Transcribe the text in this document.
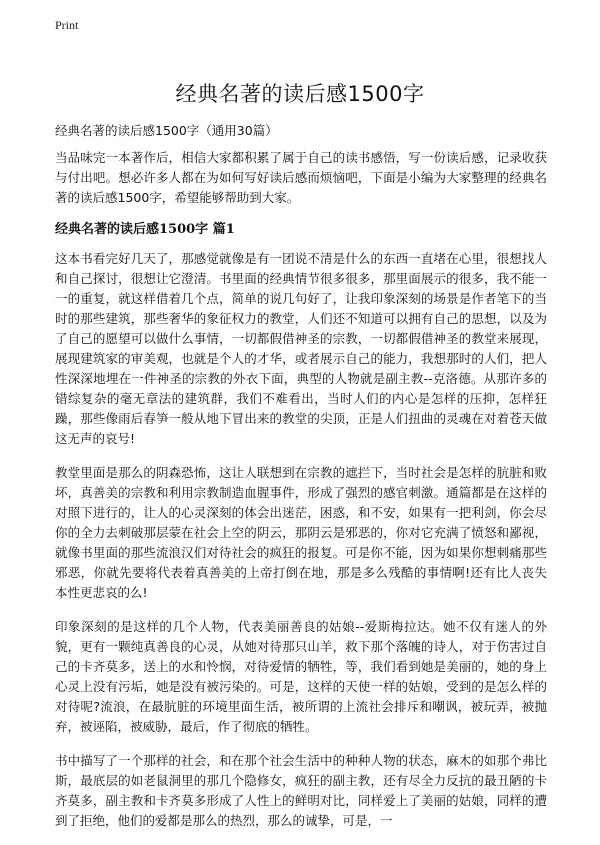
Print
经典名著的读后感1500字

经典名著的读后感1500字（通用30篇）

当品味完一本著作后，相信大家都积累了属于自己的读书感悟，写一份读后感，记录收获与付出吧。想必许多人都在为如何写好读后感而烦恼吧，下面是小编为大家整理的经典名著的读后感1500字，希望能够帮助到大家。

经典名著的读后感1500字 篇1

这本书看完好几天了，那感觉就像是有一团说不清是什么的东西一直堵在心里，很想找人和自己探讨，很想让它澄清。书里面的经典情节很多很多，那里面展示的很多，我不能一一的重复，就这样借着几个点，简单的说几句好了，让我印象深刻的场景是作者笔下的当时的那些建筑，那些奢华的象征权力的教堂，人们还不知道可以拥有自己的思想，以及为了自己的愿望可以做什么事情，一切都假借神圣的宗教，一切都假借神圣的教堂来展现，展现建筑家的审美观，也就是个人的才华，或者展示自己的能力，我想那时的人们，把人性深深地埋在一件神圣的宗教的外衣下面，典型的人物就是副主教--克洛德。从那许多的错综复杂的毫无章法的建筑群，我们不难看出，当时人们的内心是怎样的压抑，怎样狂躁，那些像雨后春笋一般从地下冒出来的教堂的尖顶，正是人们扭曲的灵魂在对着苍天做这无声的哀号!

教堂里面是那么的阴森恐怖，这让人联想到在宗教的遮拦下，当时社会是怎样的肮脏和败坏，真善美的宗教和利用宗教制造血腥事件，形成了强烈的感官刺激。通篇都是在这样的对照下进行的，让人的心灵深刻的体会出迷茫，困惑，和不安，如果有一把利剑，你会尽你的全力去刺破那层蒙在社会上空的阴云，那阴云是邪恶的，你对它充满了愤怒和鄙视，就像书里面的那些流浪汉们对待社会的疯狂的报复。可是你不能，因为如果你想刺痛那些邪恶，你就先要将代表着真善美的上帝打倒在地，那是多么残酷的事情啊!还有比人丧失本性更悲哀的么!

印象深刻的是这样的几个人物，代表美丽善良的姑娘--爱斯梅拉达。她不仅有迷人的外貌，更有一颗纯真善良的心灵，从她对待那只山羊，救下那个落魄的诗人，对于伤害过自己的卡齐莫多，送上的水和怜悯，对待爱情的牺牲，等，我们看到她是美丽的，她的身上心灵上没有污垢，她是没有被污染的。可是，这样的天使一样的姑娘，受到的是怎么样的对待呢?流浪，在最肮脏的环境里面生活，被所谓的上流社会排斥和嘲讽，被玩弄，被抛弃，被诬陷，被威胁，最后，作了彻底的牺牲。

书中描写了一个那样的社会，和在那个社会生活中的种种人物的状态，麻木的如那个弗比斯，最底层的如老鼠洞里的那几个隐修女，疯狂的副主教，还有尽全力反抗的最丑陋的卡齐莫多，副主教和卡齐莫多形成了人性上的鲜明对比，同样爱上了美丽的姑娘，同样的遭到了拒绝，他们的爱都是那么的热烈，那么的诚挚，可是，一
